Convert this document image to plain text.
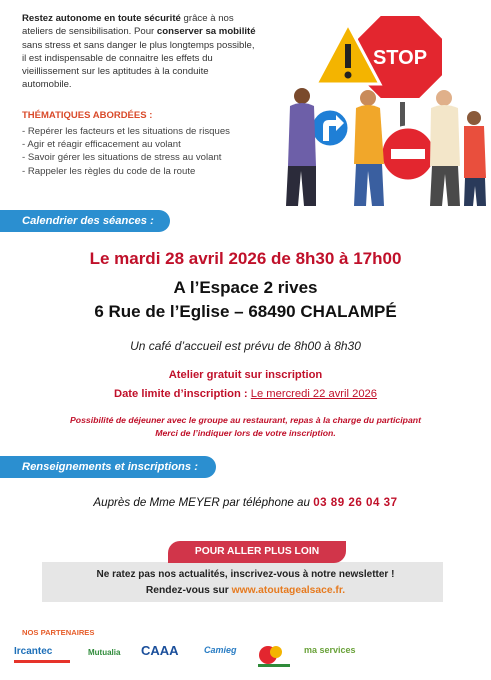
Restez autonome en toute sécurité grâce à nos ateliers de sensibilisation. Pour conserver sa mobilité sans stress et sans danger le plus longtemps possible, il est indispensable de connaitre les effets du vieillissement sur les aptitudes à la conduite automobile.
STOP
THÉMATIQUES ABORDÉES :
- Repérer les facteurs et les situations de risques
- Agir et réagir efficacement au volant
- Savoir gérer les situations de stress au volant
- Rappeler les règles du code de la route
Calendrier des séances :
Le mardi 28 avril 2026 de 8h30 à 17h00
A l’Espace 2 rives
6 Rue de l’Eglise – 68490 CHALAMPÉ
Un café d’accueil est prévu de 8h00 à 8h30
Atelier gratuit sur inscription
Date limite d’inscription : Le mercredi 22 avril 2026
Possibilité de déjeuner avec le groupe au restaurant, repas à la charge du participant
Merci de l’indiquer lors de votre inscription.
Renseignements et inscriptions :
Auprès de Mme MEYER par téléphone au 03 89 26 04 37
POUR ALLER PLUS LOIN
Ne ratez pas nos actualités, inscrivez-vous à notre newsletter !
Rendez-vous sur www.atoutagealsace.fr.
NOS PARTENAIRES
Ircantec	Mutualia CAAA	Camieg	ma services
